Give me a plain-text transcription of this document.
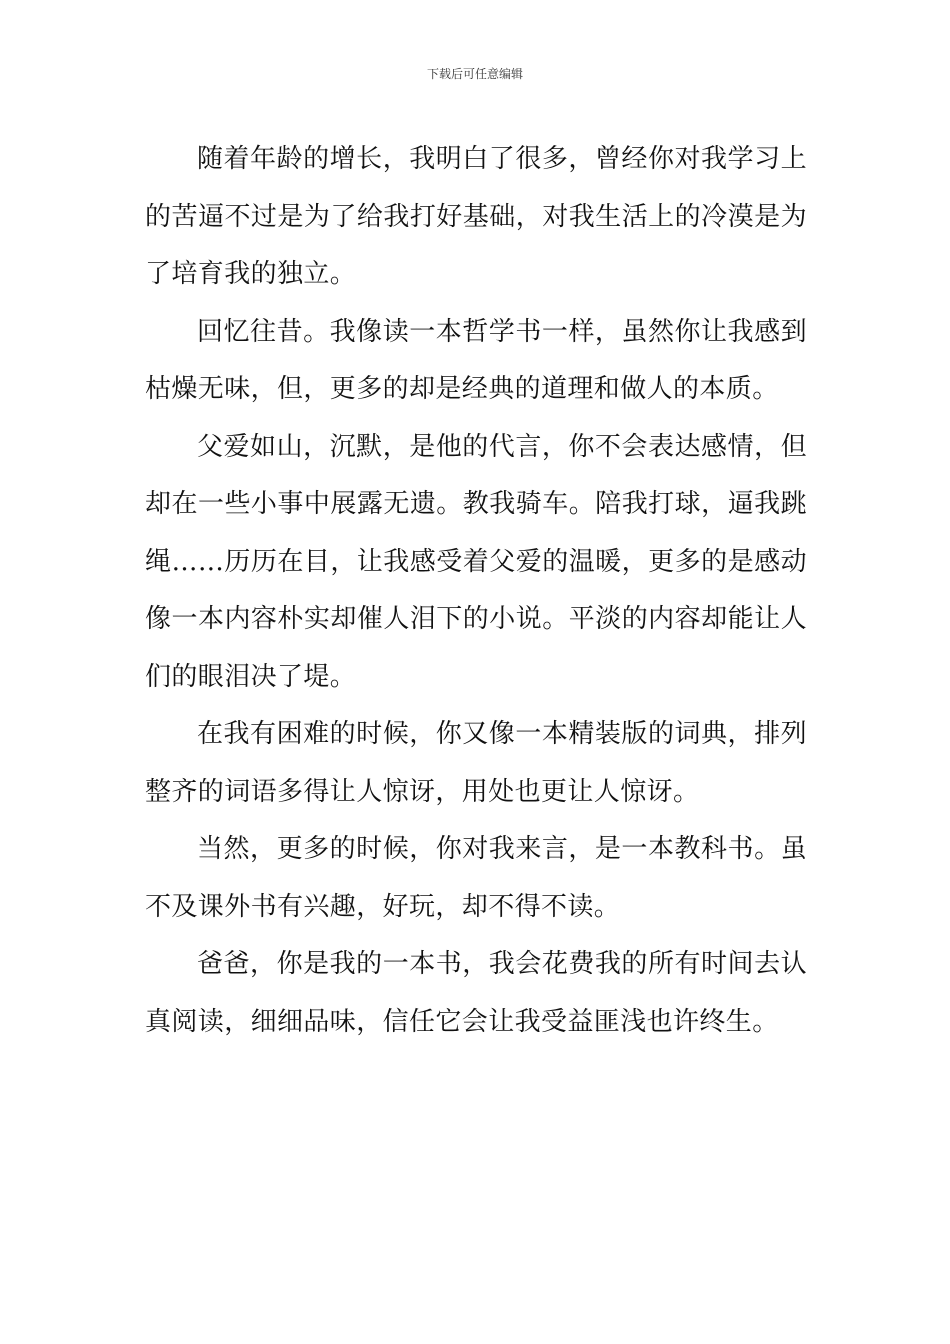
下载后可任意编辑

随着年龄的增长，我明白了很多，曾经你对我学习上的苦逼不过是为了给我打好基础，对我生活上的冷漠是为了培育我的独立。

回忆往昔。我像读一本哲学书一样，虽然你让我感到枯燥无味，但，更多的却是经典的道理和做人的本质。

父爱如山，沉默，是他的代言，你不会表达感情，但却在一些小事中展露无遗。教我骑车。陪我打球，逼我跳绳……历历在目，让我感受着父爱的温暖，更多的是感动像一本内容朴实却催人泪下的小说。平淡的内容却能让人们的眼泪决了堤。

在我有困难的时候，你又像一本精装版的词典，排列整齐的词语多得让人惊讶，用处也更让人惊讶。

当然，更多的时候，你对我来言，是一本教科书。虽不及课外书有兴趣，好玩，却不得不读。

爸爸，你是我的一本书，我会花费我的所有时间去认真阅读，细细品味，信任它会让我受益匪浅也许终生。
